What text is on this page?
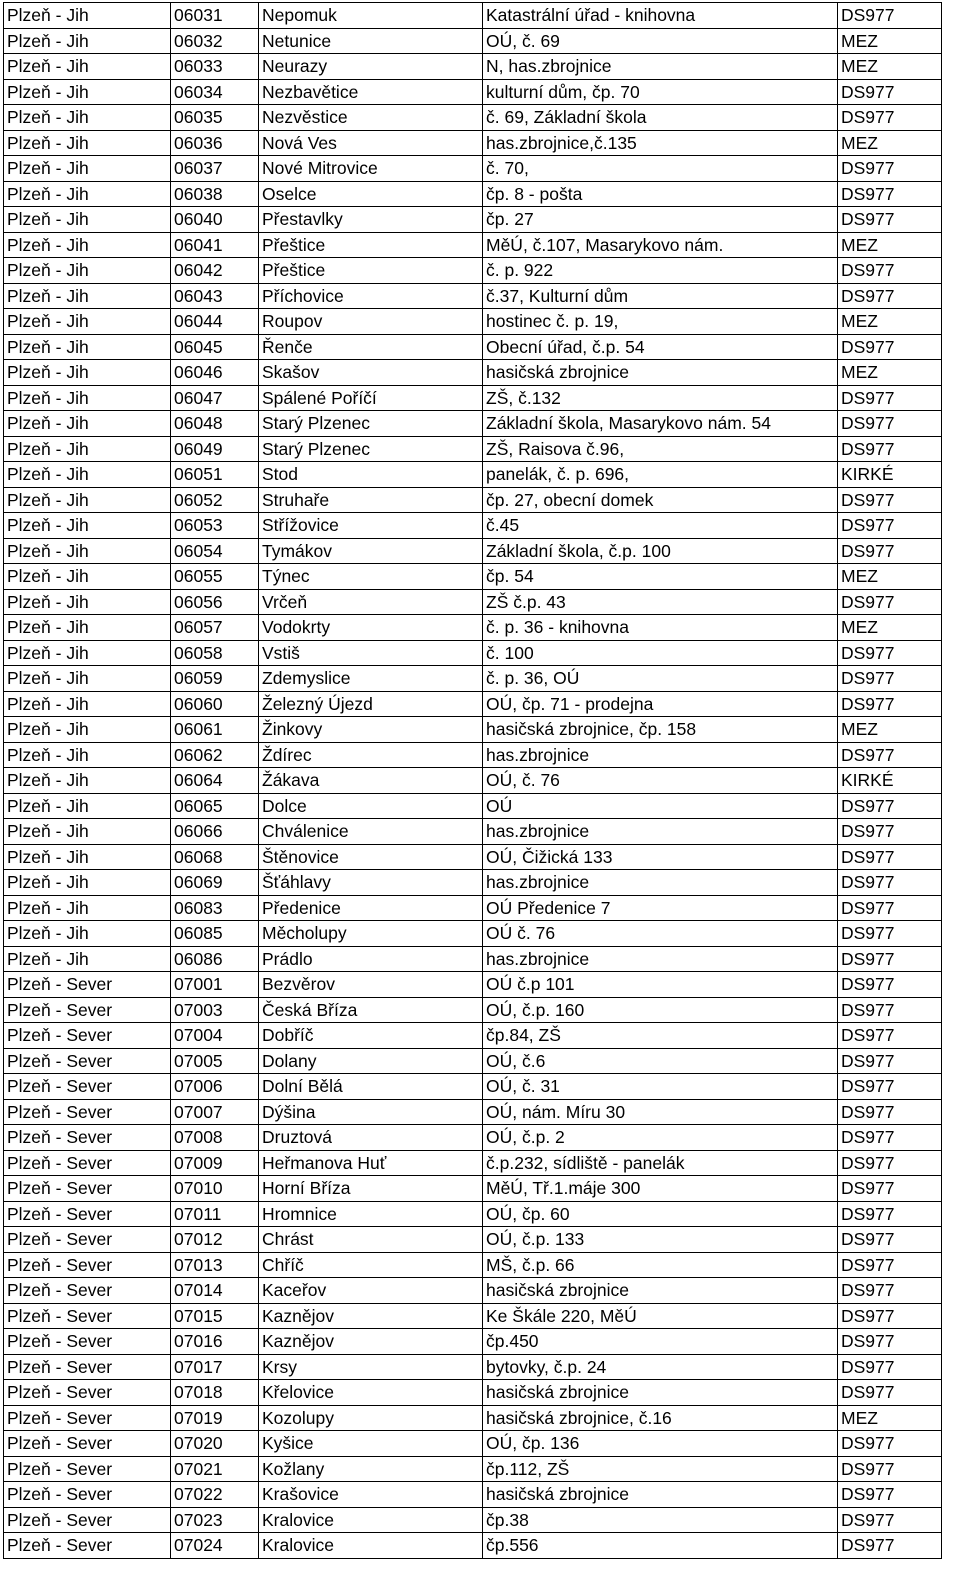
Plzeň - Jih	06031	Nepomuk	Katastrální úřad - knihovna	DS977
Plzeň - Jih	06032	Netunice	OÚ, č. 69	MEZ
Plzeň - Jih	06033	Neurazy	N, has.zbrojnice	MEZ
Plzeň - Jih	06034	Nezbavětice	kulturní dům, čp. 70	DS977
Plzeň - Jih	06035	Nezvěstice	č. 69, Základní škola	DS977
Plzeň - Jih	06036	Nová Ves	has.zbrojnice,č.135	MEZ
Plzeň - Jih	06037	Nové Mitrovice	č. 70,	DS977
Plzeň - Jih	06038	Oselce	čp. 8 - pošta	DS977
Plzeň - Jih	06040	Přestavlky	čp. 27	DS977
Plzeň - Jih	06041	Přeštice	MěÚ, č.107, Masarykovo nám.	MEZ
Plzeň - Jih	06042	Přeštice	č. p. 922	DS977
Plzeň - Jih	06043	Příchovice	č.37, Kulturní dům	DS977
Plzeň - Jih	06044	Roupov	hostinec č. p. 19,	MEZ
Plzeň - Jih	06045	Řenče	Obecní úřad, č.p. 54	DS977
Plzeň - Jih	06046	Skašov	hasičská zbrojnice	MEZ
Plzeň - Jih	06047	Spálené Poříčí	ZŠ, č.132	DS977
Plzeň - Jih	06048	Starý Plzenec	Základní škola, Masarykovo nám. 54	DS977
Plzeň - Jih	06049	Starý Plzenec	ZŠ, Raisova č.96,	DS977
Plzeň - Jih	06051	Stod	panelák, č. p. 696,	KIRKÉ
Plzeň - Jih	06052	Struhaře	čp. 27, obecní domek	DS977
Plzeň - Jih	06053	Střížovice	č.45	DS977
Plzeň - Jih	06054	Tymákov	Základní škola, č.p. 100	DS977
Plzeň - Jih	06055	Týnec	čp. 54	MEZ
Plzeň - Jih	06056	Vrčeň	ZŠ č.p. 43	DS977
Plzeň - Jih	06057	Vodokrty	č. p. 36 - knihovna	MEZ
Plzeň - Jih	06058	Vstiš	č. 100	DS977
Plzeň - Jih	06059	Zdemyslice	č. p. 36, OÚ	DS977
Plzeň - Jih	06060	Železný Újezd	OÚ, čp. 71 - prodejna	DS977
Plzeň - Jih	06061	Žinkovy	hasičská zbrojnice, čp. 158	MEZ
Plzeň - Jih	06062	Ždírec	has.zbrojnice	DS977
Plzeň - Jih	06064	Žákava	OÚ, č. 76	KIRKÉ
Plzeň - Jih	06065	Dolce	OÚ	DS977
Plzeň - Jih	06066	Chválenice	has.zbrojnice	DS977
Plzeň - Jih	06068	Štěnovice	OÚ, Čižická 133	DS977
Plzeň - Jih	06069	Šťáhlavy	has.zbrojnice	DS977
Plzeň - Jih	06083	Předenice	OÚ Předenice 7	DS977
Plzeň - Jih	06085	Měcholupy	OÚ č. 76	DS977
Plzeň - Jih	06086	Prádlo	has.zbrojnice	DS977
Plzeň - Sever	07001	Bezvěrov	OÚ č.p 101	DS977
Plzeň - Sever	07003	Česká Bříza	OÚ, č.p. 160	DS977
Plzeň - Sever	07004	Dobříč	čp.84, ZŠ	DS977
Plzeň - Sever	07005	Dolany	OÚ, č.6	DS977
Plzeň - Sever	07006	Dolní Bělá	OÚ, č. 31	DS977
Plzeň - Sever	07007	Dýšina	OÚ, nám. Míru 30	DS977
Plzeň - Sever	07008	Druztová	OÚ, č.p. 2	DS977
Plzeň - Sever	07009	Heřmanova Huť	č.p.232, sídliště - panelák	DS977
Plzeň - Sever	07010	Horní Bříza	MěÚ, Tř.1.máje 300	DS977
Plzeň - Sever	07011	Hromnice	OÚ, čp. 60	DS977
Plzeň - Sever	07012	Chrást	OÚ, č.p. 133	DS977
Plzeň - Sever	07013	Chříč	MŠ, č.p. 66	DS977
Plzeň - Sever	07014	Kaceřov	hasičská zbrojnice	DS977
Plzeň - Sever	07015	Kaznějov	Ke Škále 220, MěÚ	DS977
Plzeň - Sever	07016	Kaznějov	čp.450	DS977
Plzeň - Sever	07017	Krsy	bytovky, č.p. 24	DS977
Plzeň - Sever	07018	Křelovice	hasičská zbrojnice	DS977
Plzeň - Sever	07019	Kozolupy	hasičská zbrojnice, č.16	MEZ
Plzeň - Sever	07020	Kyšice	OÚ, čp. 136	DS977
Plzeň - Sever	07021	Kožlany	čp.112, ZŠ	DS977
Plzeň - Sever	07022	Krašovice	hasičská zbrojnice	DS977
Plzeň - Sever	07023	Kralovice	čp.38	DS977
Plzeň - Sever	07024	Kralovice	čp.556	DS977
